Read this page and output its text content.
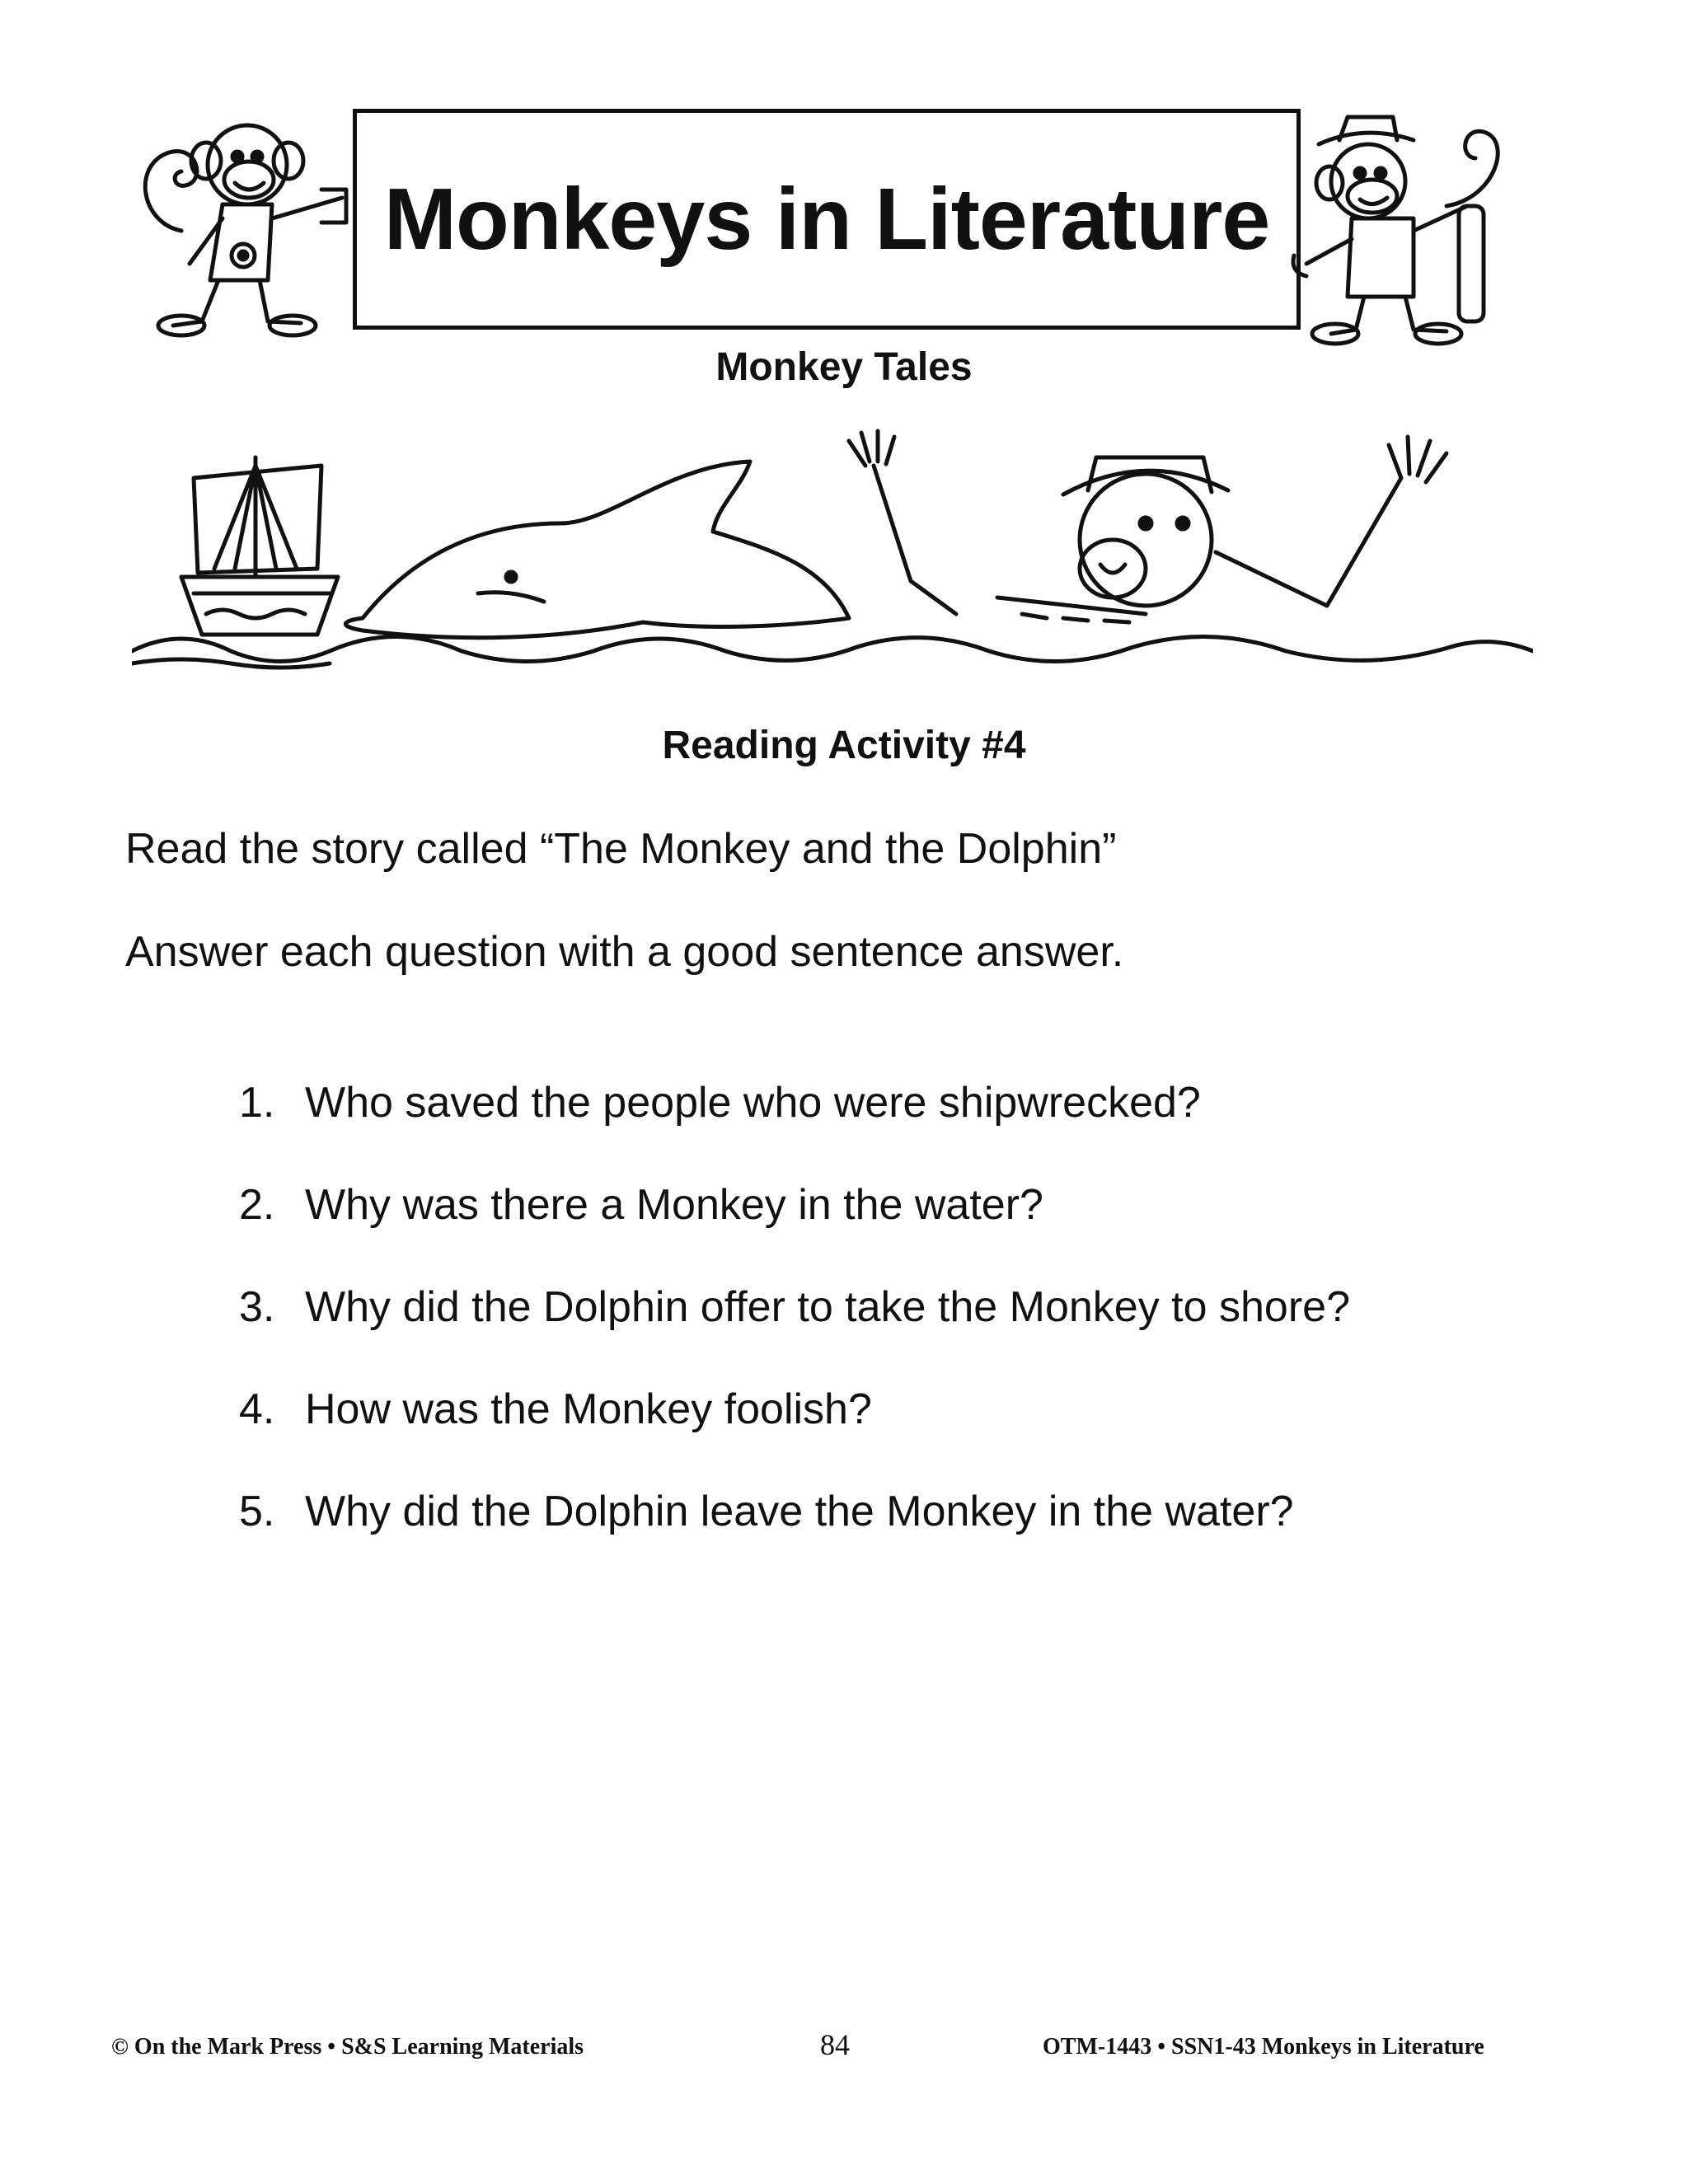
Monkeys in Literature
Monkey Tales
Reading Activity #4
Read the story called “The Monkey and the Dolphin”
Answer each question with a good sentence answer.
1. Who saved the people who were shipwrecked?
2. Why was there a Monkey in the water?
3. Why did the Dolphin offer to take the Monkey to shore?
4. How was the Monkey foolish?
5. Why did the Dolphin leave the Monkey in the water?
© On the Mark Press • S&S Learning Materials	84	OTM-1443 • SSN1-43 Monkeys in Literature
